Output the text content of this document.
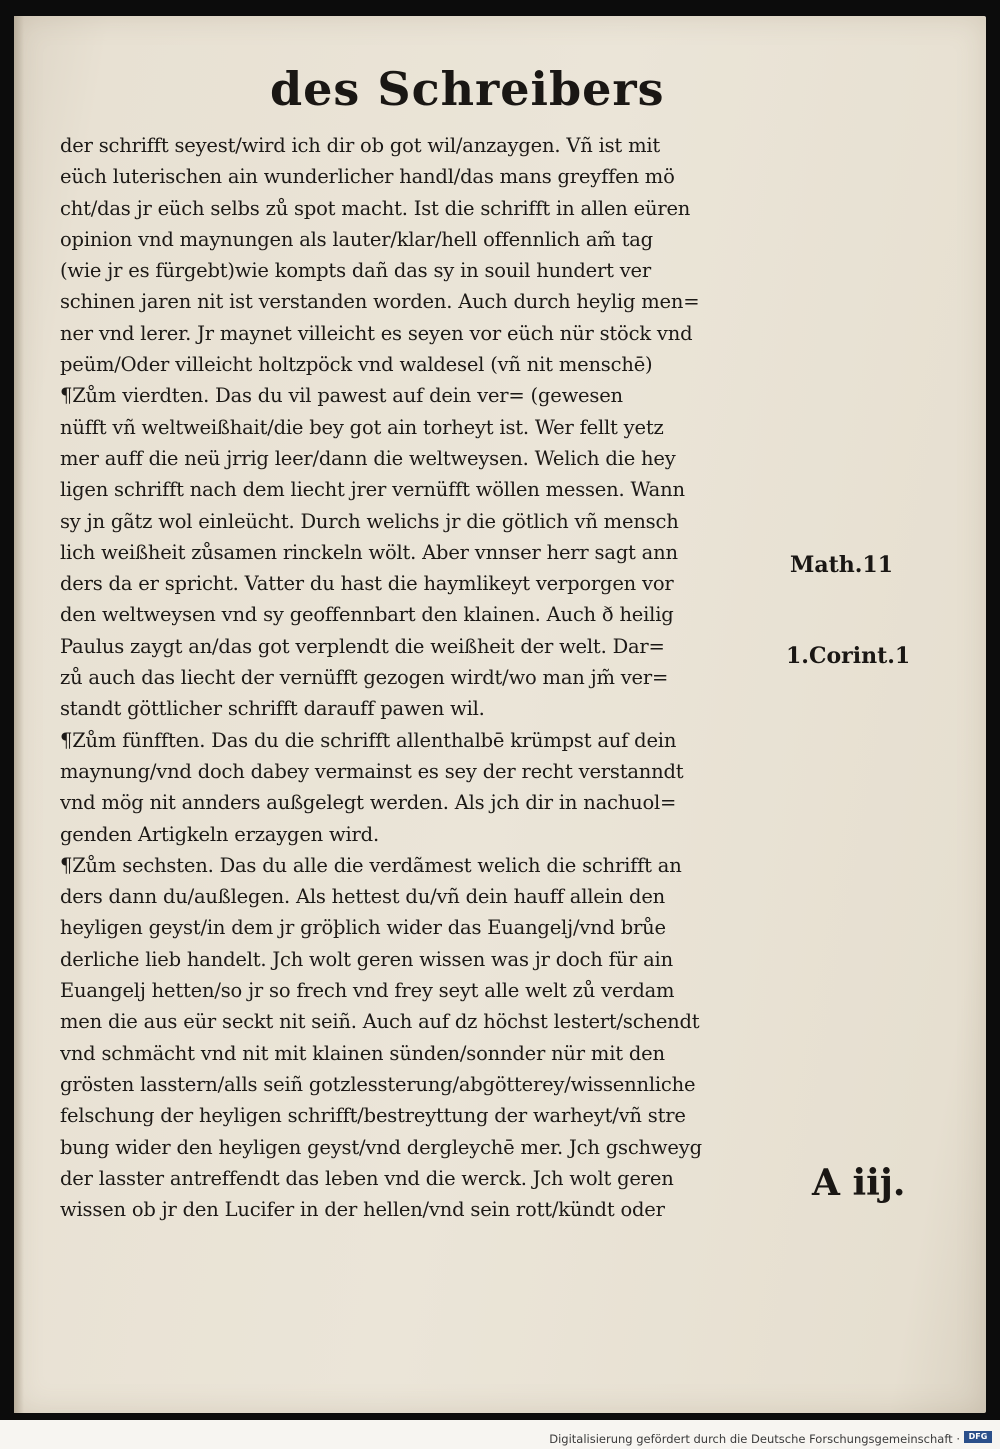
des Schreibers
der schrifft seyest/wird ich dir ob got wil/anzaygen. Vñ ist mit
eüch luterischen ain wunderlicher handl/das mans greyffen mö
cht/das jr eüch selbs zů spot macht. Ist die schrifft in allen eüren
opinion vnd maynungen als lauter/klar/hell offennlich am̃ tag
(wie jr es fürgebt)wie kompts dañ das sy in souil hundert ver
schinen jaren nit ist verstanden worden. Auch durch heylig men=
ner vnd lerer. Jr maynet villeicht es seyen vor eüch nür stöck vnd
peüm/Oder villeicht holtzpöck vnd waldesel (vñ nit menschē)
¶Zům vierdten. Das du vil pawest auf dein ver= (gewesen
nüfft vñ weltweißhait/die bey got ain torheyt ist. Wer fellt yetz
mer auff die neü jrrig leer/dann die weltweysen. Welich die hey
ligen schrifft nach dem liecht jrer vernüfft wöllen messen. Wann
sy jn gãtz wol einleücht. Durch welichs jr die götlich vñ mensch
lich weißheit zůsamen rinckeln wölt. Aber vnnser herr sagt ann
ders da er spricht. Vatter du hast die haymlikeyt verporgen vor
den weltweysen vnd sy geoffennbart den klainen. Auch ð heilig
Paulus zaygt an/das got verplendt die weißheit der welt. Dar=
zů auch das liecht der vernüfft gezogen wirdt/wo man jm̃ ver=
standt göttlicher schrifft darauff pawen wil.
¶Zům fünfften. Das du die schrifft allenthalbē krümpst auf dein
maynung/vnd doch dabey vermainst es sey der recht verstanndt
vnd mög nit annders außgelegt werden. Als jch dir in nachuol=
genden Artigkeln erzaygen wird.
¶Zům sechsten. Das du alle die verdãmest welich die schrifft an
ders dann du/außlegen. Als hettest du/vñ dein hauff allein den
heyligen geyst/in dem jr gröþlich wider das Euangelj/vnd brůe
derliche lieb handelt. Jch wolt geren wissen was jr doch für ain
Euangelj hetten/so jr so frech vnd frey seyt alle welt zů verdam
men die aus eür seckt nit seiñ. Auch auf dz höchst lestert/schendt
vnd schmächt vnd nit mit klainen sünden/sonnder nür mit den
grösten lasstern/alls seiñ gotzlessterung/abgötterey/wissennliche
felschung der heyligen schrifft/bestreyttung der warheyt/vñ stre
bung wider den heyligen geyst/vnd dergleychē mer. Jch gschweyg
der lasster antreffendt das leben vnd die werck. Jch wolt geren
wissen ob jr den Lucifer in der hellen/vnd sein rott/kündt oder
Math.11
1.Corint.1
A iij.
Digitalisierung gefördert durch die Deutsche Forschungsgemeinschaft ·	DFG
